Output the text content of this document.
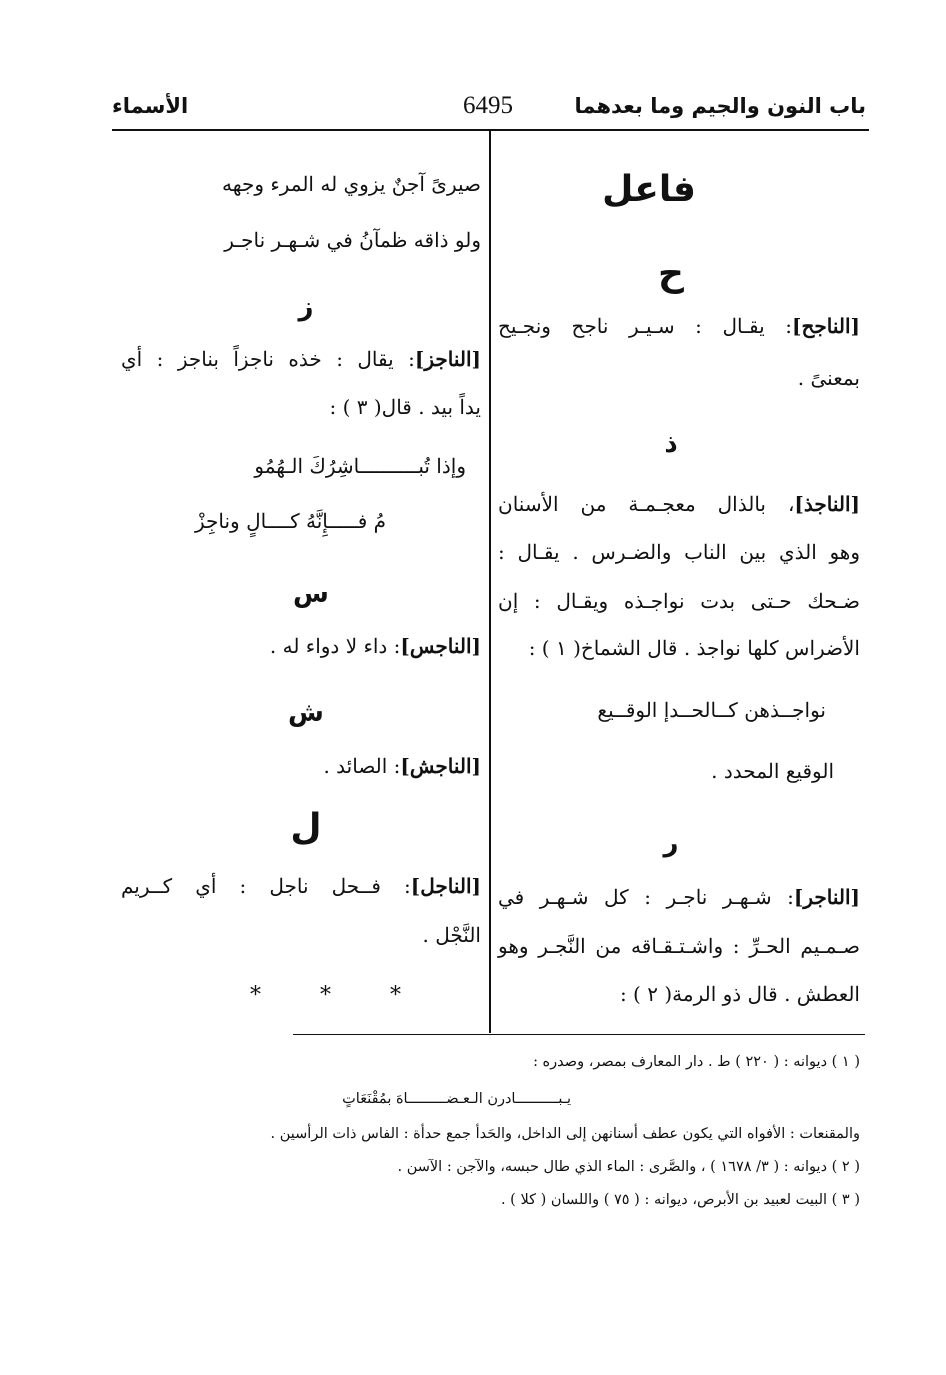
باب النون والجيم وما بعدهما
6495
الأسماء
فاعل
ح
[الناجح]: يقـال : سـيـر ناجح ونجـيح
بمعنىً .
ذ
[الناجذ]، بالذال معجـمـة من الأسنان
وهو الذي بين الناب والضـرس . يقـال :
ضـحك حـتى بدت نواجـذه ويقـال : إن
الأضراس كلها نواجذ . قال الشماخ( ١ ) :
نواجــذهن كــالحــدإ الوقــيع
الوقيع المحدد .
ر
[الناجر]: شـهـر ناجـر : كل شـهـر في
صـمـيم الحـرِّ : واشـتـقـاقه من النَّجـر وهو
العطش . قال ذو الرمة( ٢ ) :
صيرىً آجنٌ يزوي له المرء وجهه
ولو ذاقه ظمآنُ في شـهـر ناجـر
ز
[الناجز]: يقال : خذه ناجزاً بناجز : أي
يداً بيد . قال( ٣ ) :
وإذا تُبــــــــــاشِرُكَ الـهُمُو
مُ فـــــإِنَّهُ كــــالٍ وناجِزْ
س
[الناجس]: داء لا دواء له .
ش
[الناجش]: الصائد .
ل
[الناجل]: فــحل ناجل : أي كــريم
النَّجْل .
* * *
( ١ ) ديوانه : ( ٢٢٠ ) ط . دار المعارف بمصر، وصدره :
يـبــــــــــادرن الـعـضـــــــــاهَ بمُقْنَعَاتٍ
والمقنعات : الأفواه التي يكون عطف أسنانهن إلى الداخل، والحَدأ جمع حدأة : الفاس ذات الرأسين .
( ٢ ) ديوانه : ( ٣/ ١٦٧٨ ) ، والصَّرى : الماء الذي طال حبسه، والآجن : الآسن .
( ٣ ) البيت لعبيد بن الأبرص، ديوانه : ( ٧٥ ) واللسان ( كلا ) .
